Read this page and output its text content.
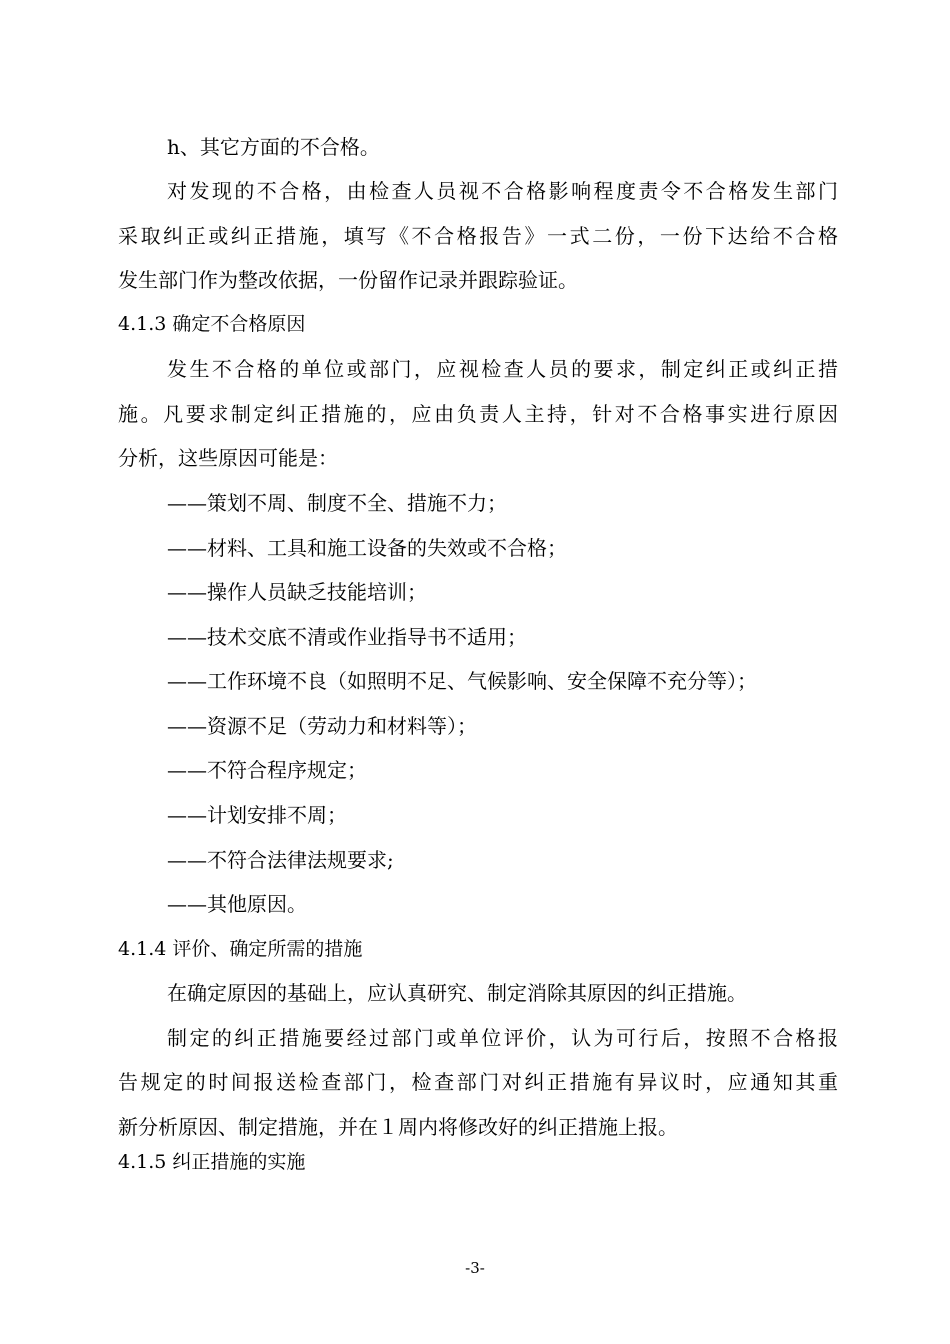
h、其它方面的不合格。
对发现的不合格，由检查人员视不合格影响程度责令不合格发生部门
采取纠正或纠正措施，填写《不合格报告》一式二份，一份下达给不合格
发生部门作为整改依据，一份留作记录并跟踪验证。
4.1.3 确定不合格原因
发生不合格的单位或部门，应视检查人员的要求，制定纠正或纠正措
施。凡要求制定纠正措施的，应由负责人主持，针对不合格事实进行原因
分析，这些原因可能是：
——策划不周、制度不全、措施不力；
——材料、工具和施工设备的失效或不合格；
——操作人员缺乏技能培训；
——技术交底不清或作业指导书不适用；
——工作环境不良（如照明不足、气候影响、安全保障不充分等）；
——资源不足（劳动力和材料等）；
——不符合程序规定；
——计划安排不周；
——不符合法律法规要求;
——其他原因。
4.1.4 评价、确定所需的措施
在确定原因的基础上，应认真研究、制定消除其原因的纠正措施。
制定的纠正措施要经过部门或单位评价，认为可行后，按照不合格报
告规定的时间报送检查部门，检查部门对纠正措施有异议时，应通知其重
新分析原因、制定措施，并在１周内将修改好的纠正措施上报。
4.1.5 纠正措施的实施
-3-
